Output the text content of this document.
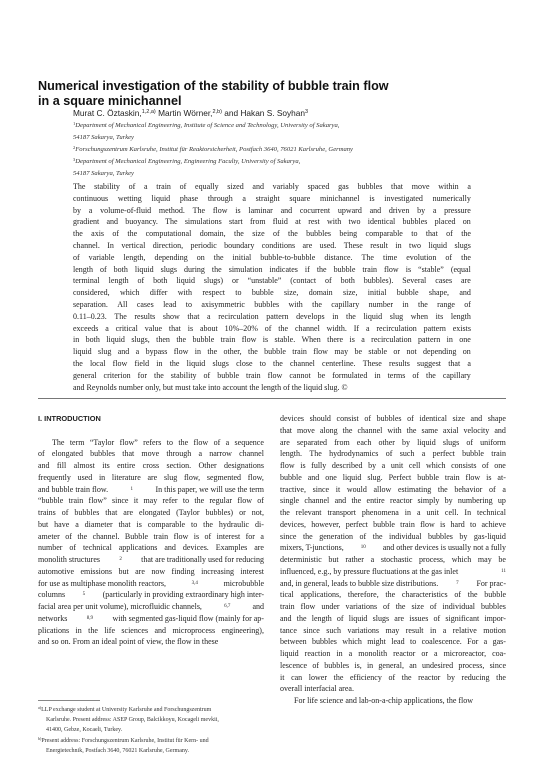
Numerical investigation of the stability of bubble train flow
in a square minichannel
Murat C. Öztaskin,$^{1,2,a)}$ Martin Wörner,$^{2,b)}$ and Hakan S. Soyhan$^3$
$^1$Department of Mechanical Engineering, Institute of Science and Technology, University of Sakarya,
54187 Sakarya, Turkey
$^2$Forschungszentrum Karlsruhe, Institut für Reaktorsicherheit, Postfach 3640, 76021 Karlsruhe, Germany
$^3$Department of Mechanical Engineering, Engineering Faculty, University of Sakarya,
54187 Sakarya, Turkey
The stability of a train of equally sized and variably spaced gas bubbles that move within a
continuous wetting liquid phase through a straight square minichannel is investigated numerically
by a volume-of-fluid method. The flow is laminar and cocurrent upward and driven by a pressure
gradient and buoyancy. The simulations start from fluid at rest with two identical bubbles placed on
the axis of the computational domain, the size of the bubbles being comparable to that of the
channel. In vertical direction, periodic boundary conditions are used. These result in two liquid slugs
of variable length, depending on the initial bubble-to-bubble distance. The time evolution of the
length of both liquid slugs during the simulation indicates if the bubble train flow is “stable” (equal
terminal length of both liquid slugs) or “unstable” (contact of both bubbles). Several cases are
considered, which differ with respect to bubble size, domain size, initial bubble shape, and
separation. All cases lead to axisymmetric bubbles with the capillary number in the range of
0.11–0.23. The results show that a recirculation pattern develops in the liquid slug when its length
exceeds a critical value that is about 10%–20% of the channel width. If a recirculation pattern exists
in both liquid slugs, then the bubble train flow is stable. When there is a recirculation pattern in one
liquid slug and a bypass flow in the other, the bubble train flow may be stable or not depending on
the local flow field in the liquid slugs close to the channel centerline. These results suggest that a
general criterion for the stability of bubble train flow cannot be formulated in terms of the capillary
and Reynolds number only, but must take into account the length of the liquid slug. ©
I. INTRODUCTION
The term “Taylor flow” refers to the flow of a sequence
of elongated bubbles that move through a narrow channel
and fill almost its entire cross section. Other designations
frequently used in literature are slug flow, segmented flow,
and bubble train flow.	1	In this paper, we will use the term
“bubble train flow” since it may refer to the regular flow of
trains of bubbles that are elongated (Taylor bubbles) or not,
but have a diameter that is comparable to the hydraulic di-
ameter of the channel. Bubble train flow is of interest for a
number of technical applications and devices. Examples are
monolith structures	2 that are traditionally used for reducing
automotive emissions but are now finding increasing interest
for use as multiphase monolith reactors,	3,4	microbubble
columns	5 (particularly in providing extraordinary high inter-
facial area per unit volume), microfluidic channels,	6,7	and
networks	8,9 with segmented gas-liquid flow (mainly for ap-
plications in the life sciences and microprocess engineering),
and so on. From an ideal point of view, the flow in these
devices should consist of bubbles of identical size and shape
that move along the channel with the same axial velocity and
are separated from each other by liquid slugs of uniform
length. The hydrodynamics of such a perfect bubble train
flow is fully described by a unit cell which consists of one
bubble and one liquid slug. Perfect bubble train flow is at-
tractive, since it would allow estimating the behavior of a
single channel and the entire reactor simply by numbering up
the relevant transport phenomena in a unit cell. In technical
devices, however, perfect bubble train flow is hard to achieve
since the generation of the individual bubbles by gas-liquid
mixers, T-junctions,	10 and other devices is usually not a fully
deterministic but rather a stochastic process, which may be
influenced, e.g., by pressure fluctuations at the gas inlet	11
and, in general, leads to bubble size distributions.	7 For prac-
tical applications, therefore, the characteristics of the bubble
train flow under variations of the size of individual bubbles
and the length of liquid slugs are issues of significant impor-
tance since such variations may result in a relative motion
between bubbles which might lead to coalescence. For a gas-
liquid reaction in a monolith reactor or a microreactor, coa-
lescence of bubbles is, in general, an undesired process, since
it can lower the efficiency of the reactor by reducing the
overall interfacial area.
For life science and lab-on-a-chip applications, the flow
$^{a)}$LLP exchange student at University Karlsruhe and Forschungszentrum
Karlsruhe. Present address: ASEP Group, Balcikkoyu, Kocageli mevkii,
41400, Gebze, Kocaeli, Turkey.
$^{b)}$Present address: Forschungszentrum Karlsruhe, Institut für Kern- und
Energietechnik, Postfach 3640, 76021 Karlsruhe, Germany.
